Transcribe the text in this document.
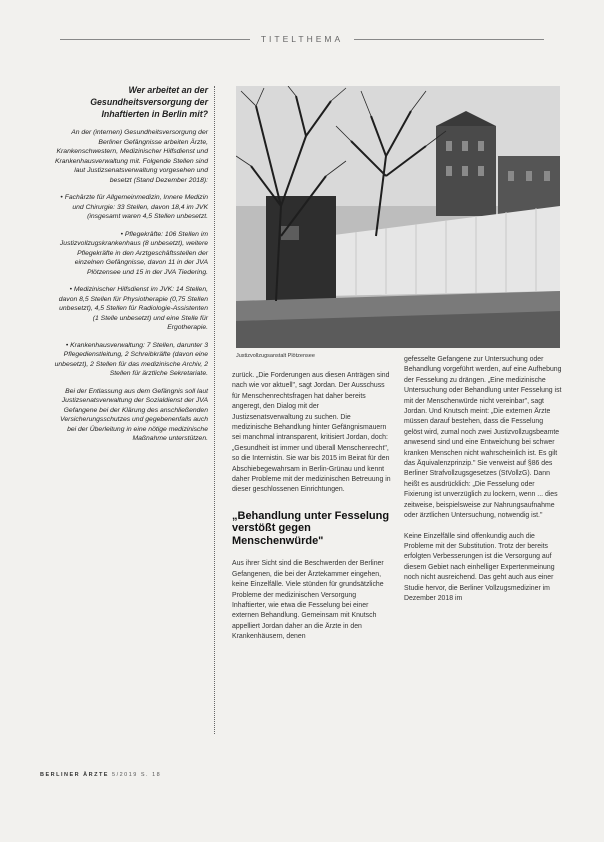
TITELTHEMA
Wer arbeitet an der Gesundheitsversorgung der Inhaftierten in Berlin mit?
An der (internen) Gesundheitsversorgung der Berliner Gefängnisse arbeiten Ärzte, Krankenschwestern, Medizinischer Hilfsdienst und Krankenhausverwaltung mit. Folgende Stellen sind laut Justizsenatsverwaltung vorgesehen und besetzt (Stand Dezember 2018):
• Fachärzte für Allgemeinmedizin, Innere Medizin und Chirurgie: 33 Stellen, davon 18,4 im JVK (insgesamt waren 4,5 Stellen unbesetzt.
• Pflegekräfte: 106 Stellen im Justizvollzugskrankenhaus (8 unbesetzt), weitere Pflegekräfte in den Arztgeschäftsstellen der einzelnen Gefängnisse, davon 11 in der JVA Plötzensee und 15 in der JVA Tiedering.
• Medizinischer Hilfsdienst im JVK: 14 Stellen, davon 8,5 Stellen für Physiotherapie (0,75 Stellen unbesetzt), 4,5 Stellen für Radiologie-Assistenten (1 Stelle unbesetzt) und eine Stelle für Ergotherapie.
• Krankenhausverwaltung: 7 Stellen, darunter 3 Pflegedienstleitung, 2 Schreibkräfte (davon eine unbesetzt), 2 Stellen für das medizinische Archiv, 2 Stellen für ärztliche Sekretariate.
Bei der Entlassung aus dem Gefängnis soll laut Justizsenatsverwaltung der Sozialdienst der JVA Gefangene bei der Klärung des anschließenden Versicherungsschutzes und gegebenenfalls auch bei der Überleitung in eine nötige medizinische Maßnahme unterstützen.
Justizvollzugsanstalt Plötzensee

zurück. „Die Forderungen aus diesen Anträgen sind nach wie vor aktuell", sagt Jordan. Der Ausschuss für Menschenrechtsfragen hat daher bereits angeregt, den Dialog mit der Justizsenatsverwaltung zu suchen. Die medizinische Behandlung hinter Gefängnismauern sei manchmal intransparent, kritisiert Jordan, doch: „Gesundheit ist immer und überall Menschenrecht", so die Internistin. Sie war bis 2015 im Beirat für den Abschiebegewahrsam in Berlin-Grünau und kennt daher Probleme mit der medizinischen Betreuung in dieser geschlossenen Einrichtungen.

„Behandlung unter Fesselung verstößt gegen Menschenwürde"

Aus ihrer Sicht sind die Beschwerden der Berliner Gefangenen, die bei der Ärztekammer eingehen, keine Einzelfälle. Viele stünden für grundsätzliche Probleme der medizinischen Versorgung Inhaftierter, wie etwa die Fesselung bei einer externen Behandlung. Gemeinsam mit Knutsch appelliert Jordan daher an die Ärzte in den Krankenhäusern, denen

gefesselte Gefangene zur Untersuchung oder Behandlung vorgeführt werden, auf eine Aufhebung der Fesselung zu drängen. „Eine medizinische Untersuchung oder Behandlung unter Fesselung ist mit der Menschenwürde nicht vereinbar", sagt Jordan. Und Knutsch meint: „Die externen Ärzte müssen darauf bestehen, dass die Fesselung gelöst wird, zumal noch zwei Justizvollzugsbeamte anwesend sind und eine Entweichung bei schwer kranken Menschen nicht wahrscheinlich ist. Es gilt das Äquivalenzprinzip." Sie verweist auf §86 des Berliner Strafvollzugsgesetzes (StVollzG). Dann heißt es ausdrücklich: „Die Fesselung oder Fixierung ist unverzüglich zu lockern, wenn ... dies zeitweise, beispielsweise zur Nahrungsaufnahme oder ärztlichen Untersuchung, notwendig ist."

Keine Einzelfälle sind offenkundig auch die Probleme mit der Substitution. Trotz der bereits erfolgten Verbesserungen ist die Versorgung auf diesem Gebiet nach einhelliger Expertenmeinung noch nicht ausreichend. Das geht auch aus einer Studie hervor, die Berliner Vollzugsmediziner im Dezember 2018 im

BERLINER ÄRZTE 5/2019 S. 18
